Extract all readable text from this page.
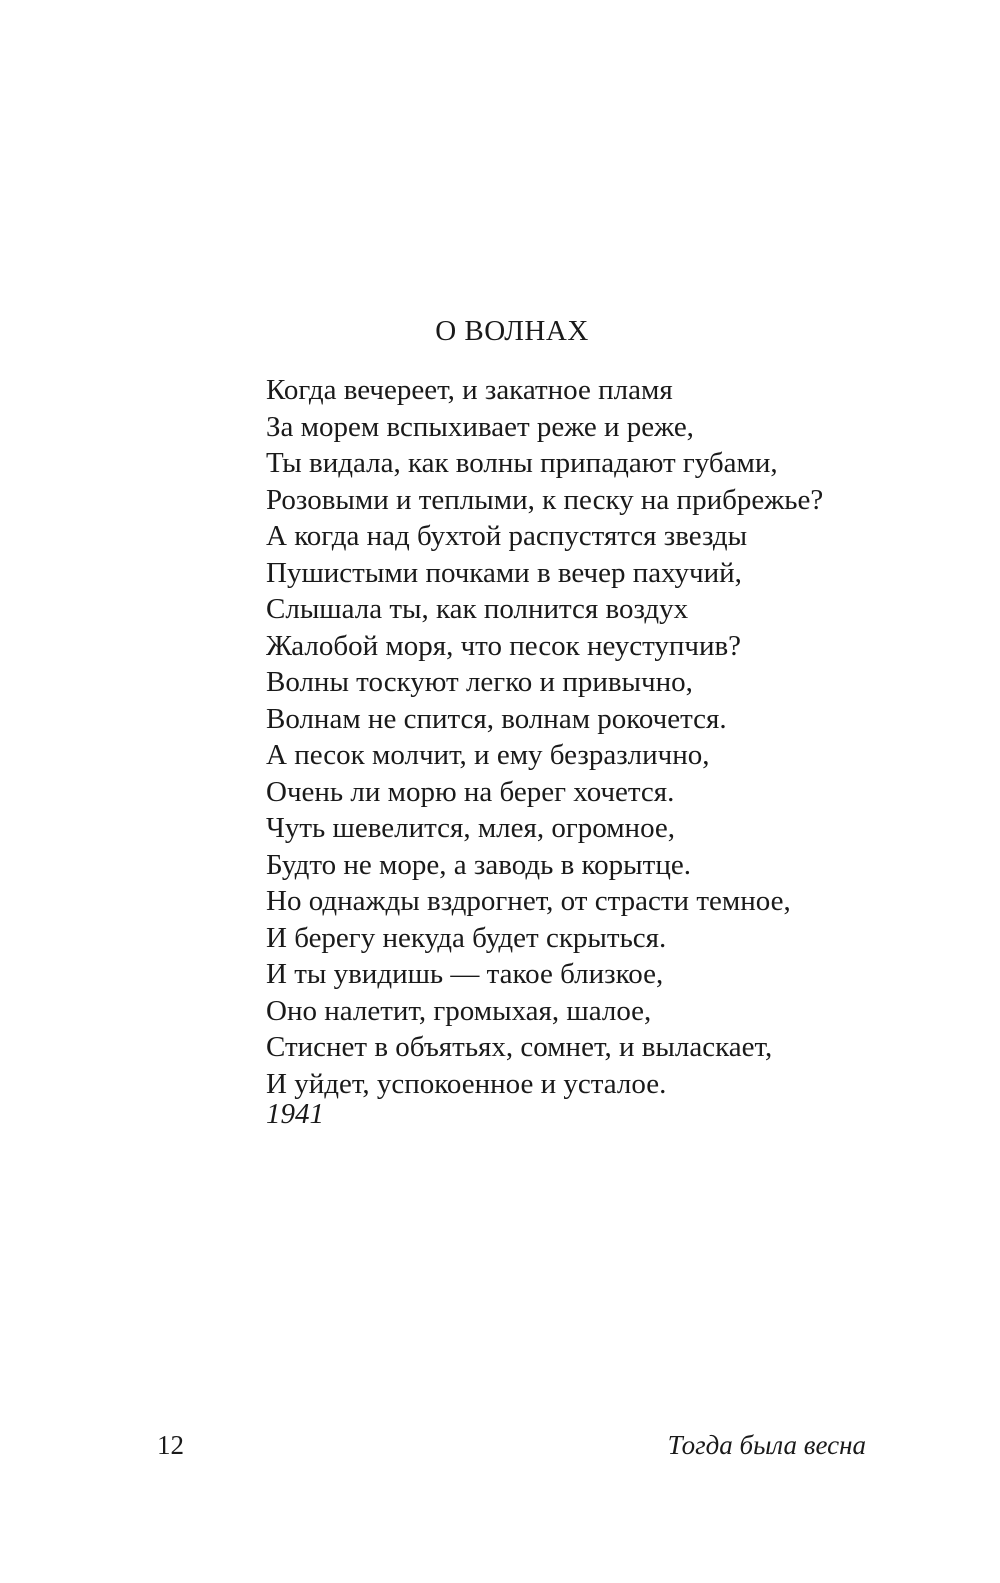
О ВОЛНАХ
Когда вечереет, и закатное пламя
За морем вспыхивает реже и реже,
Ты видала, как волны припадают губами,
Розовыми и теплыми, к песку на прибрежье?
А когда над бухтой распустятся звезды
Пушистыми почками в вечер пахучий,
Слышала ты, как полнится воздух
Жалобой моря, что песок неуступчив?
Волны тоскуют легко и привычно,
Волнам не спится, волнам рокочется.
А песок молчит, и ему безразлично,
Очень ли морю на берег хочется.
Чуть шевелится, млея, огромное,
Будто не море, а заводь в корытце.
Но однажды вздрогнет, от страсти темное,
И берегу некуда будет скрыться.
И ты увидишь — такое близкое,
Оно налетит, громыхая, шалое,
Стиснет в объятьях, сомнет, и выласкает,
И уйдет, успокоенное и усталое.
1941
12	Тогда была весна
